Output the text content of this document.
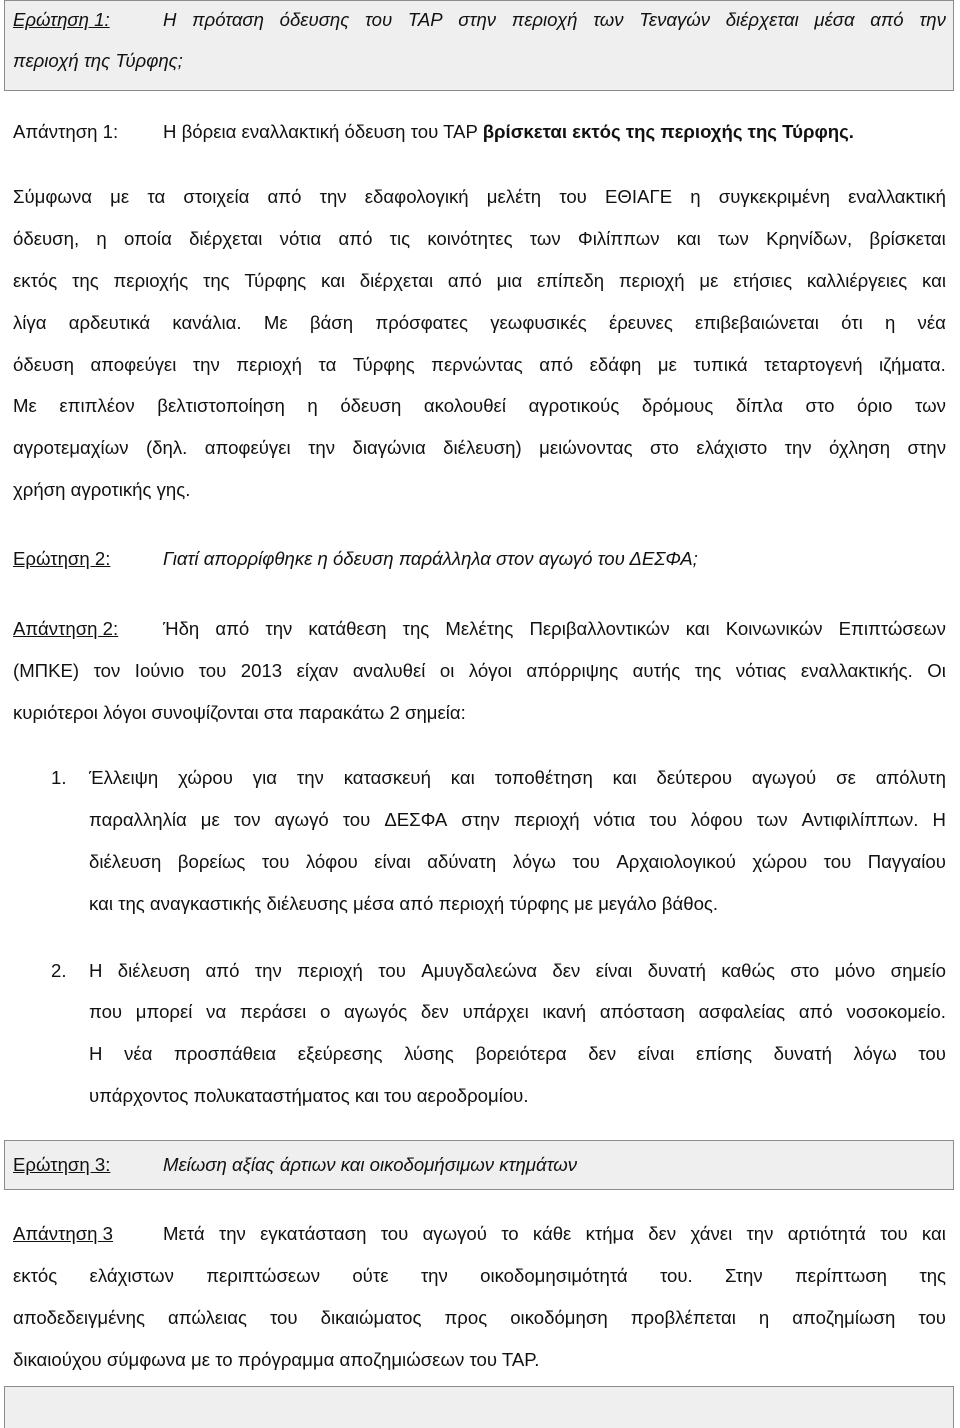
Ερώτηση 1:	Η πρόταση όδευσης του ΤΑΡ στην περιοχή των Τεναγών διέρχεται μέσα από την
περιοχή της Τύρφης;
Απάντηση 1: Η βόρεια εναλλακτική όδευση του ΤΑΡ βρίσκεται εκτός της περιοχής της Τύρφης.
Σύμφωνα με τα στοιχεία από την εδαφολογική μελέτη του ΕΘΙΑΓΕ η συγκεκριμένη εναλλακτική
όδευση, η οποία διέρχεται νότια από τις κοινότητες των Φιλίππων και των Κρηνίδων, βρίσκεται
εκτός της περιοχής της Τύρφης και διέρχεται από μια επίπεδη περιοχή με ετήσιες καλλιέργειες και
λίγα αρδευτικά κανάλια. Με βάση πρόσφατες γεωφυσικές έρευνες επιβεβαιώνεται ότι η νέα
όδευση αποφεύγει την περιοχή τα Τύρφης περνώντας από εδάφη με τυπικά τεταρτογενή ιζήματα.
Με επιπλέον βελτιστοποίηση η όδευση ακολουθεί αγροτικούς δρόμους δίπλα στο όριο των
αγροτεμαχίων (δηλ. αποφεύγει την διαγώνια διέλευση) μειώνοντας στο ελάχιστο την όχληση στην
χρήση αγροτικής γης.
Ερώτηση 2:	Γιατί απορρίφθηκε η όδευση παράλληλα στον αγωγό του ΔΕΣΦΑ;
Απάντηση 2: Ήδη από την κατάθεση της Μελέτης Περιβαλλοντικών και Κοινωνικών Επιπτώσεων
(ΜΠΚΕ) τον Ιούνιο του 2013 είχαν αναλυθεί οι λόγοι απόρριψης αυτής της νότιας εναλλακτικής. Οι
κυριότεροι λόγοι συνοψίζονται στα παρακάτω 2 σημεία:
1. Έλλειψη χώρου για την κατασκευή και τοποθέτηση και δεύτερου αγωγού σε απόλυτη
παραλληλία με τον αγωγό του ΔΕΣΦΑ στην περιοχή νότια του λόφου των Αντιφιλίππων. Η
διέλευση βορείως του λόφου είναι αδύνατη λόγω του Αρχαιολογικού χώρου του Παγγαίου
και της αναγκαστικής διέλευσης μέσα από περιοχή τύρφης με μεγάλο βάθος.
2. Η διέλευση από την περιοχή του Αμυγδαλεώνα δεν είναι δυνατή καθώς στο μόνο σημείο
που μπορεί να περάσει ο αγωγός δεν υπάρχει ικανή απόσταση ασφαλείας από νοσοκομείο.
Η νέα προσπάθεια εξεύρεσης λύσης βορειότερα δεν είναι επίσης δυνατή λόγω του
υπάρχοντος πολυκαταστήματος και του αεροδρομίου.
Ερώτηση 3:	Μείωση αξίας άρτιων και οικοδομήσιμων κτημάτων
Απάντηση 3	Μετά την εγκατάσταση του αγωγού το κάθε κτήμα δεν χάνει την αρτιότητά του και
εκτός ελάχιστων περιπτώσεων ούτε την οικοδομησιμότητά του. Στην περίπτωση της
αποδεδειγμένης απώλειας του δικαιώματος προς οικοδόμηση προβλέπεται η αποζημίωση του
δικαιούχου σύμφωνα με το πρόγραμμα αποζημιώσεων του ΤΑΡ.
